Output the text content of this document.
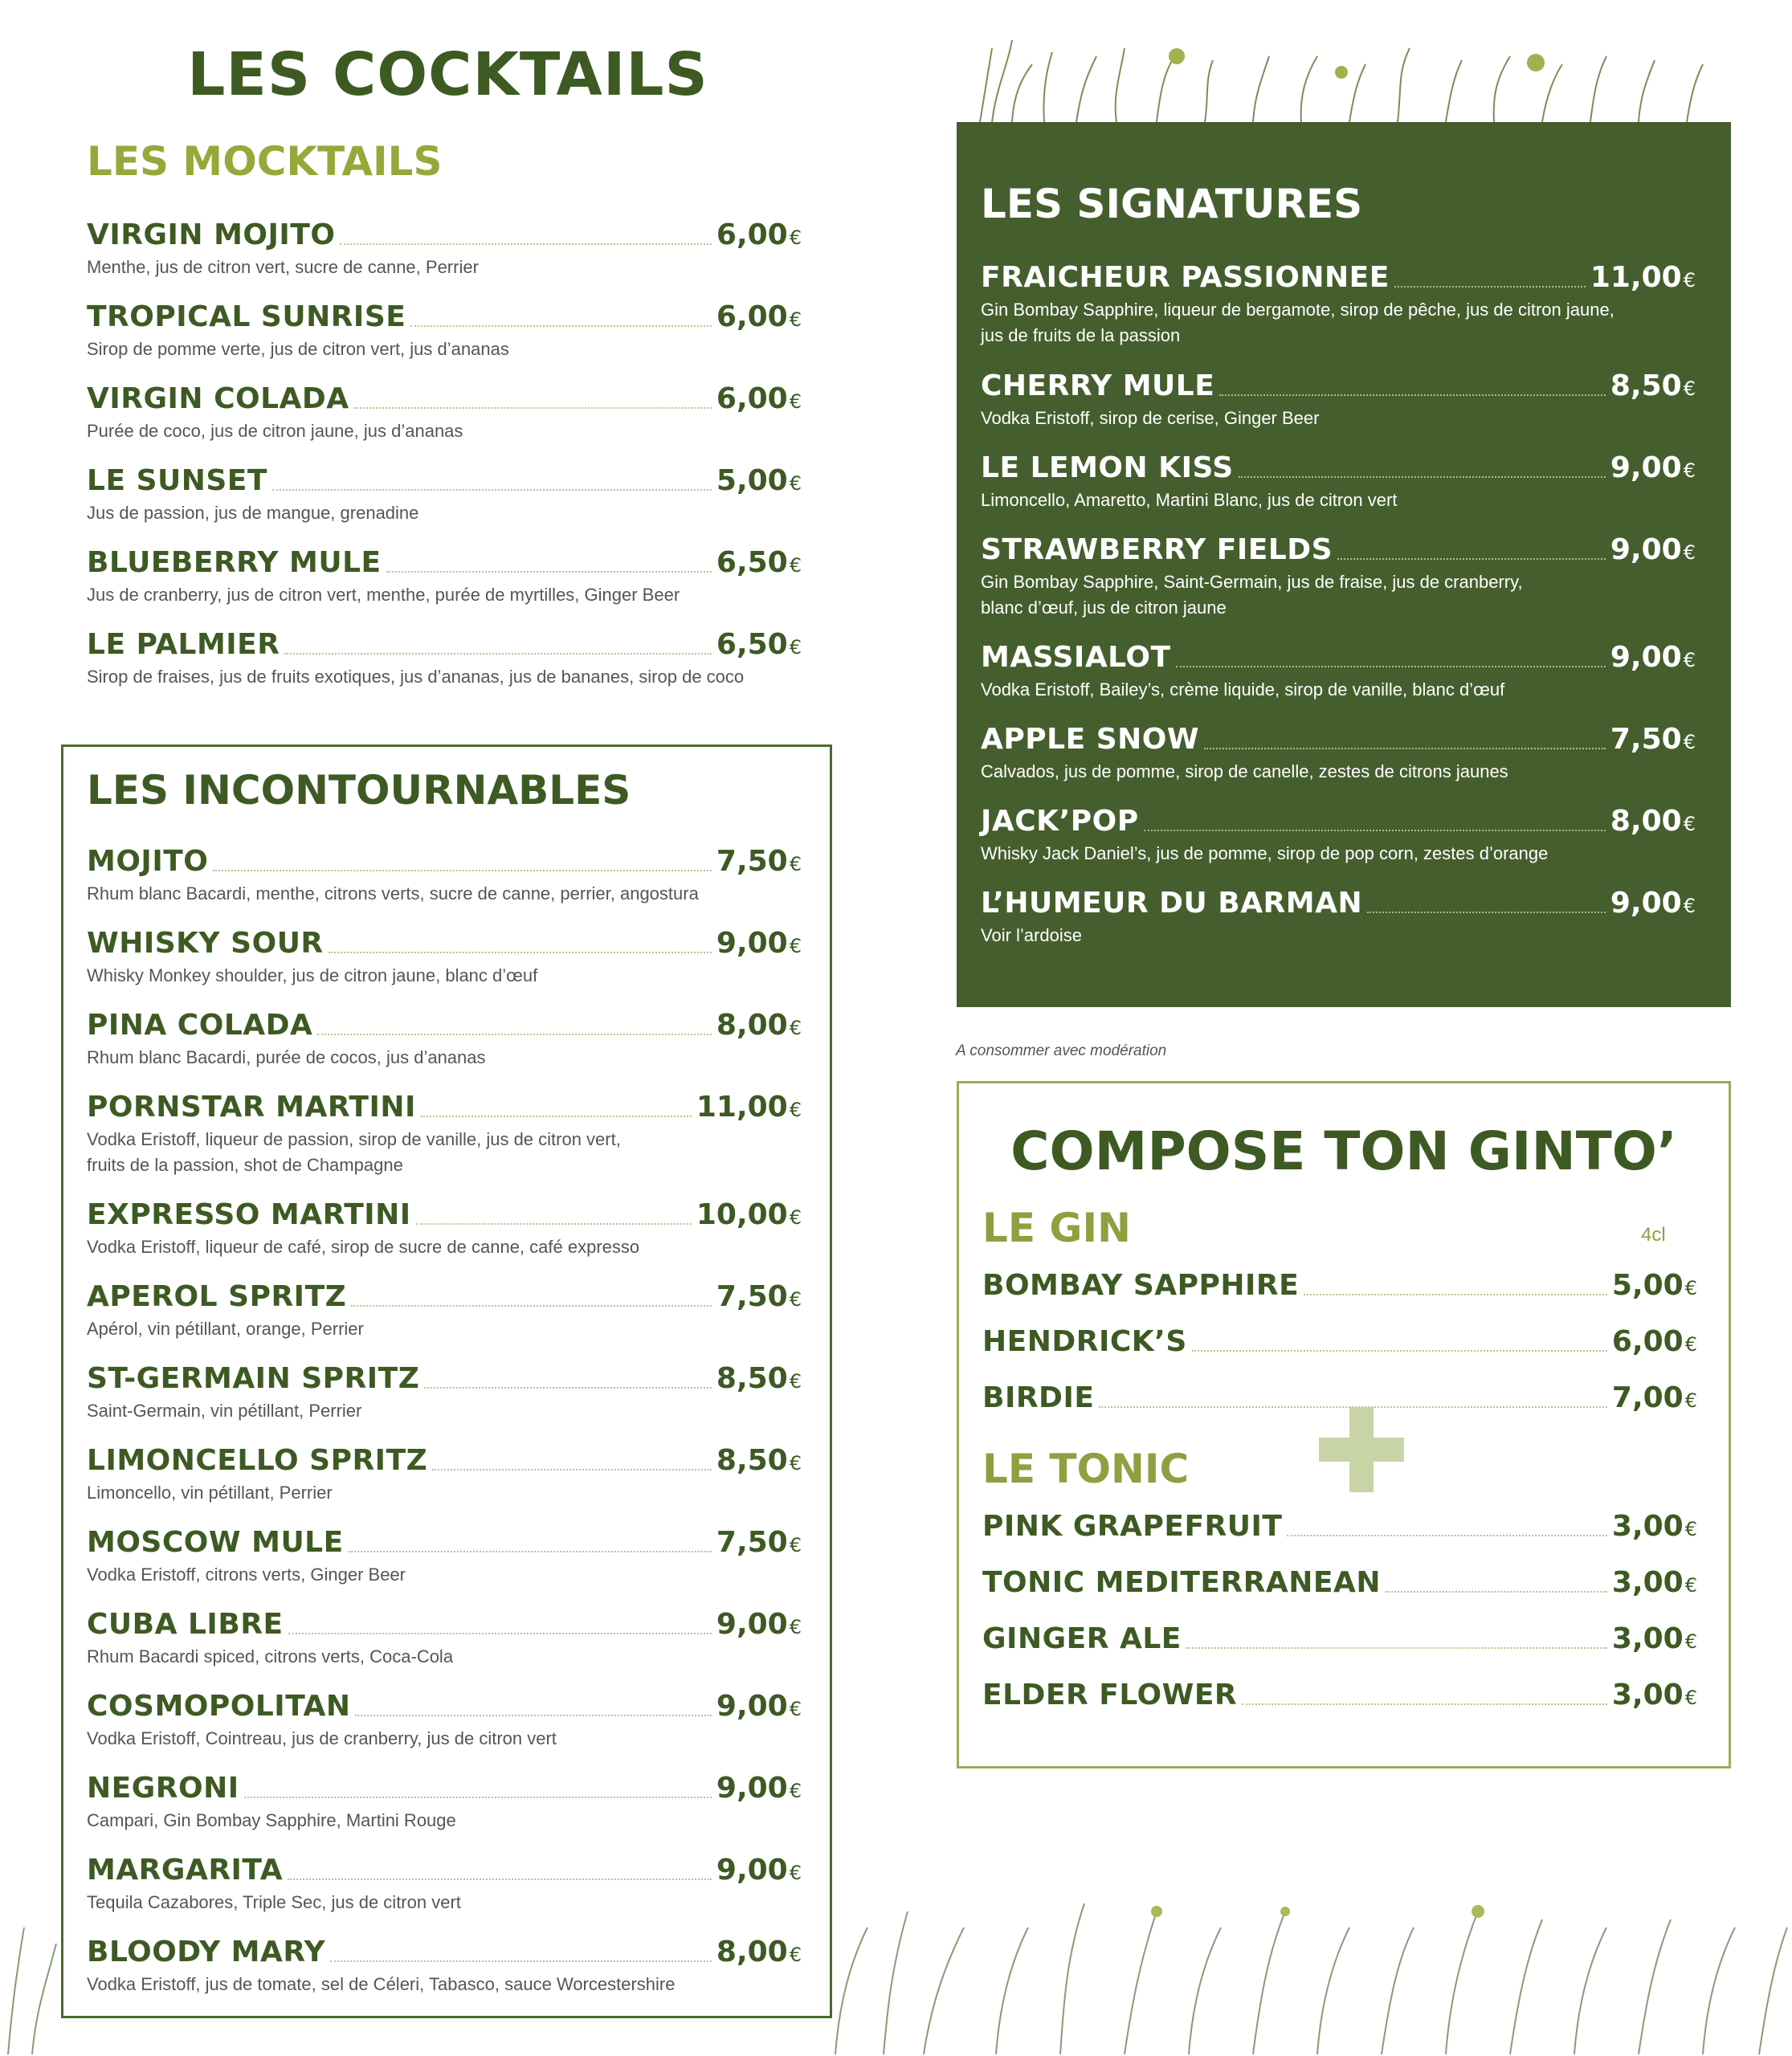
LES COCKTAILS
LES MOCKTAILS
VIRGIN MOJITO	6,00€
Menthe, jus de citron vert, sucre de canne, Perrier
TROPICAL SUNRISE	6,00€
Sirop de pomme verte, jus de citron vert, jus d’ananas
VIRGIN COLADA	6,00€
Purée de coco, jus de citron jaune, jus d’ananas
LE SUNSET	5,00€
Jus de passion, jus de mangue, grenadine
BLUEBERRY MULE	6,50€
Jus de cranberry, jus de citron vert, menthe, purée de myrtilles, Ginger Beer
LE PALMIER	6,50€
Sirop de fraises, jus de fruits exotiques, jus d’ananas, jus de bananes, sirop de coco
LES INCONTOURNABLES
MOJITO	7,50€
Rhum blanc Bacardi, menthe, citrons verts, sucre de canne, perrier, angostura
WHISKY SOUR	9,00€
Whisky Monkey shoulder, jus de citron jaune, blanc d’œuf
PINA COLADA	8,00€
Rhum blanc Bacardi, purée de cocos, jus d’ananas
PORNSTAR MARTINI	11,00€
Vodka Eristoff, liqueur de passion, sirop de vanille, jus de citron vert,
fruits de la passion, shot de Champagne
EXPRESSO MARTINI	10,00€
Vodka Eristoff, liqueur de café, sirop de sucre de canne, café expresso
APEROL SPRITZ	7,50€
Apérol, vin pétillant, orange, Perrier
ST-GERMAIN SPRITZ	8,50€
Saint-Germain, vin pétillant, Perrier
LIMONCELLO SPRITZ	8,50€
Limoncello, vin pétillant, Perrier
MOSCOW MULE	7,50€
Vodka Eristoff, citrons verts, Ginger Beer
CUBA LIBRE	9,00€
Rhum Bacardi spiced, citrons verts, Coca-Cola
COSMOPOLITAN	9,00€
Vodka Eristoff, Cointreau, jus de cranberry, jus de citron vert
NEGRONI	9,00€
Campari, Gin Bombay Sapphire, Martini Rouge
MARGARITA	9,00€
Tequila Cazabores, Triple Sec, jus de citron vert
BLOODY MARY	8,00€
Vodka Eristoff, jus de tomate, sel de Céleri, Tabasco, sauce Worcestershire
LES SIGNATURES
FRAICHEUR PASSIONNEE	11,00€
Gin Bombay Sapphire, liqueur de bergamote, sirop de pêche, jus de citron jaune,
jus de fruits de la passion
CHERRY MULE	8,50€
Vodka Eristoff, sirop de cerise, Ginger Beer
LE LEMON KISS	9,00€
Limoncello, Amaretto, Martini Blanc, jus de citron vert
STRAWBERRY FIELDS	9,00€
Gin Bombay Sapphire, Saint-Germain, jus de fraise, jus de cranberry,
blanc d’œuf, jus de citron jaune
MASSIALOT	9,00€
Vodka Eristoff, Bailey’s, crème liquide, sirop de vanille, blanc d’œuf
APPLE SNOW	7,50€
Calvados, jus de pomme, sirop de canelle, zestes de citrons jaunes
JACK’POP	8,00€
Whisky Jack Daniel’s, jus de pomme, sirop de pop corn, zestes d’orange
L’HUMEUR DU BARMAN	9,00€
Voir l’ardoise
A consommer avec modération
COMPOSE TON GINTO’
LE GIN	4cl
BOMBAY SAPPHIRE	5,00€
HENDRICK’S	6,00€
BIRDIE	7,00€
LE TONIC
PINK GRAPEFRUIT	3,00€
TONIC MEDITERRANEAN	3,00€
GINGER ALE	3,00€
ELDER FLOWER	3,00€
